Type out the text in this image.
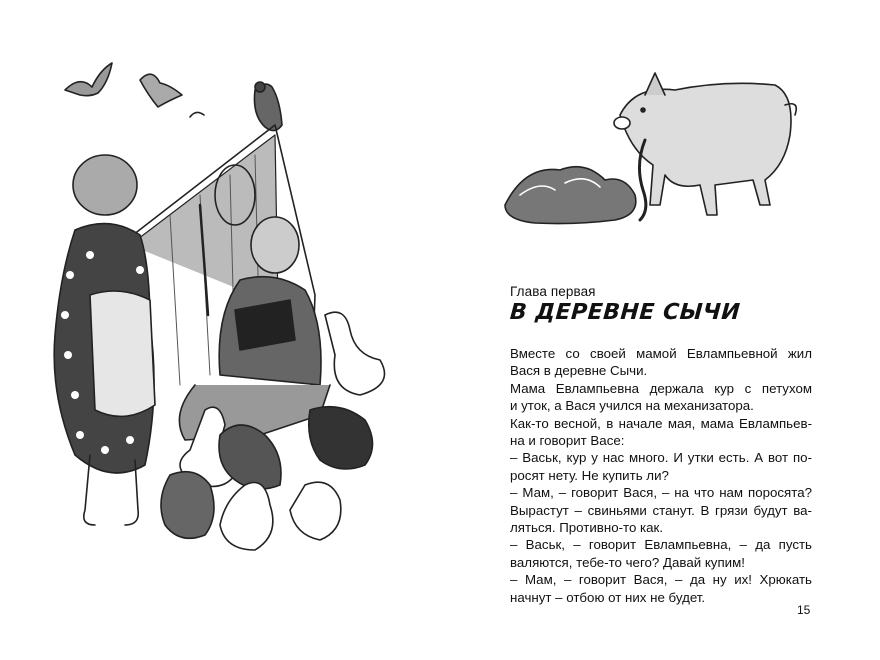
Глава первая
В ДЕРЕВНЕ СЫЧИ
Вместе со своей мамой Евлампьевной жил
Вася в деревне Сычи.
Мама Евлампьевна держала кур с петухом
и уток, а Вася учился на механизатора.
Как-то весной, в начале мая, мама Евлампьев-
на и говорит Васе:
– Васьк, кур у нас много. И утки есть. А вот по-
росят нету. Не купить ли?
– Мам, – говорит Вася, – на что нам поросята?
Вырастут – свиньями станут. В грязи будут ва-
ляться. Противно-то как.
– Васьк, – говорит Евлампьевна, – да пусть
валяются, тебе-то чего? Давай купим!
– Мам, – говорит Вася, – да ну их! Хрюкать
начнут – отбою от них не будет.
15
